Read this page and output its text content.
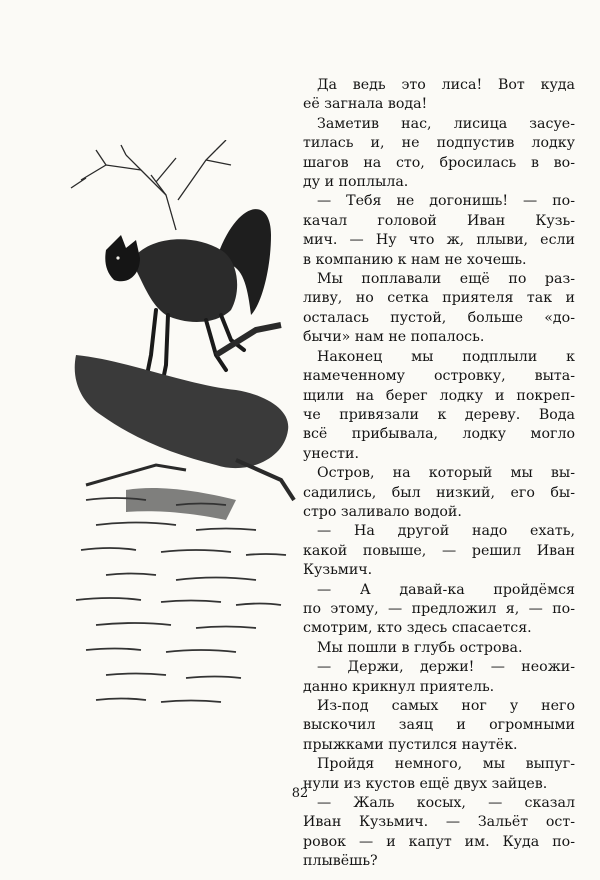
Да ведь это лиса! Вот куда
её загнала вода!

Заметив нас, лисица засуе-
тилась и, не подпустив лодку
шагов на сто, бросилась в во-
ду и поплыла.

— Тебя не догонишь! — по-
качал головой Иван Кузь-
мич. — Ну что ж, плыви, если
в компанию к нам не хочешь.

Мы поплавали ещё по раз-
ливу, но сетка приятеля так и
осталась пустой, больше «до-
бычи» нам не попалось.

Наконец мы подплыли к
намеченному островку, выта-
щили на берег лодку и покреп-
че привязали к дереву. Вода
всё прибывала, лодку могло
унести.

Остров, на который мы вы-
садились, был низкий, его бы-
стро заливало водой.

— На другой надо ехать,
какой повыше, — решил Иван
Кузьмич.

— А давай-ка пройдёмся
по этому, — предложил я, — по-
смотрим, кто здесь спасается.

Мы пошли в глубь острова.

— Держи, держи! — неожи-
данно крикнул приятель.

Из-под самых ног у него
выскочил заяц и огромными
прыжками пустился наутёк.

Пройдя немного, мы выпуг-
нули из кустов ещё двух зайцев.

— Жаль косых, — сказал
Иван Кузьмич. — Зальёт ост-
ровок — и капут им. Куда по-
плывёшь?

82
